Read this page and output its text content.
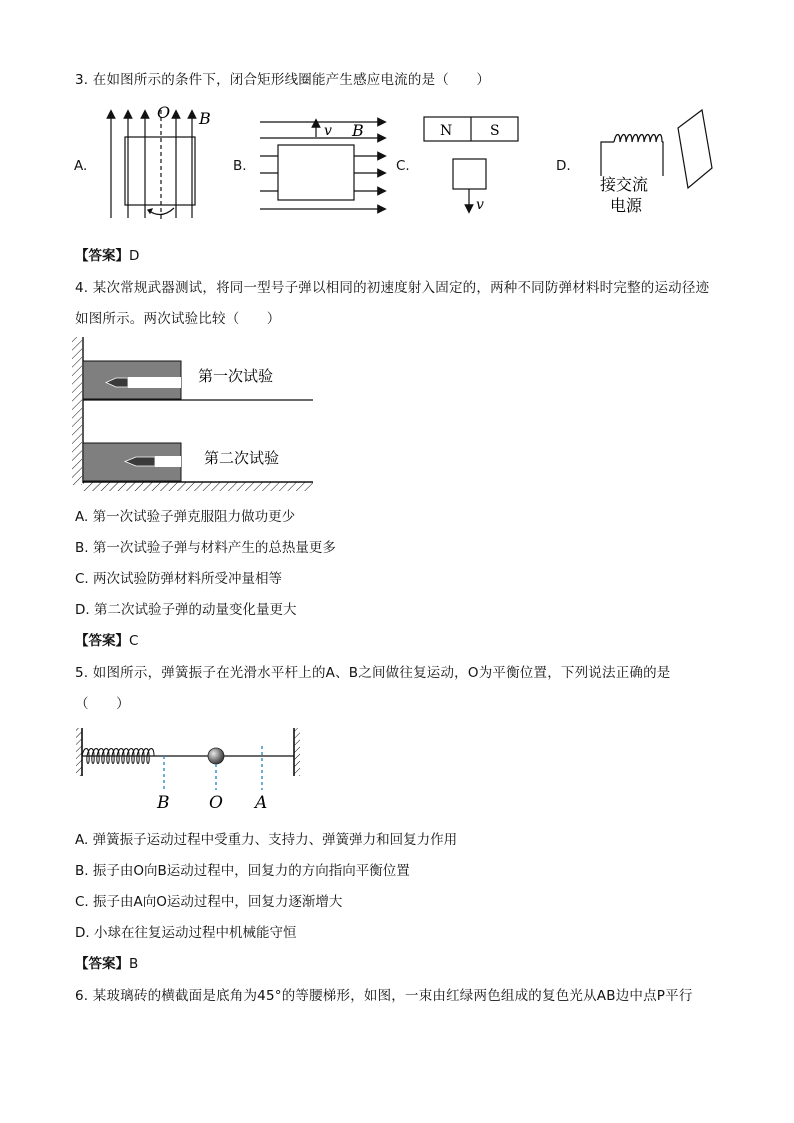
3. 在如图所示的条件下，闭合矩形线圈能产生感应电流的是（　　）
A.	B.	C.	D.
O B
v B	N	S
v
接交流
电源
【答案】D
4. 某次常规武器测试，将同一型号子弹以相同的初速度射入固定的，两种不同防弹材料时完整的运动径迹
如图所示。两次试验比较（　　）
第一次试验
第二次试验
A. 第一次试验子弹克服阻力做功更少
B. 第一次试验子弹与材料产生的总热量更多
C. 两次试验防弹材料所受冲量相等
D. 第二次试验子弹的动量变化量更大
【答案】C
5. 如图所示，弹簧振子在光滑水平杆上的A、B之间做往复运动，O为平衡位置，下列说法正确的是
（　　）
B O A
A. 弹簧振子运动过程中受重力、支持力、弹簧弹力和回复力作用
B. 振子由O向B运动过程中，回复力的方向指向平衡位置
C. 振子由A向O运动过程中，回复力逐渐增大
D. 小球在往复运动过程中机械能守恒
【答案】B
6. 某玻璃砖的横截面是底角为45°的等腰梯形，如图，一束由红绿两色组成的复色光从AB边中点P平行
